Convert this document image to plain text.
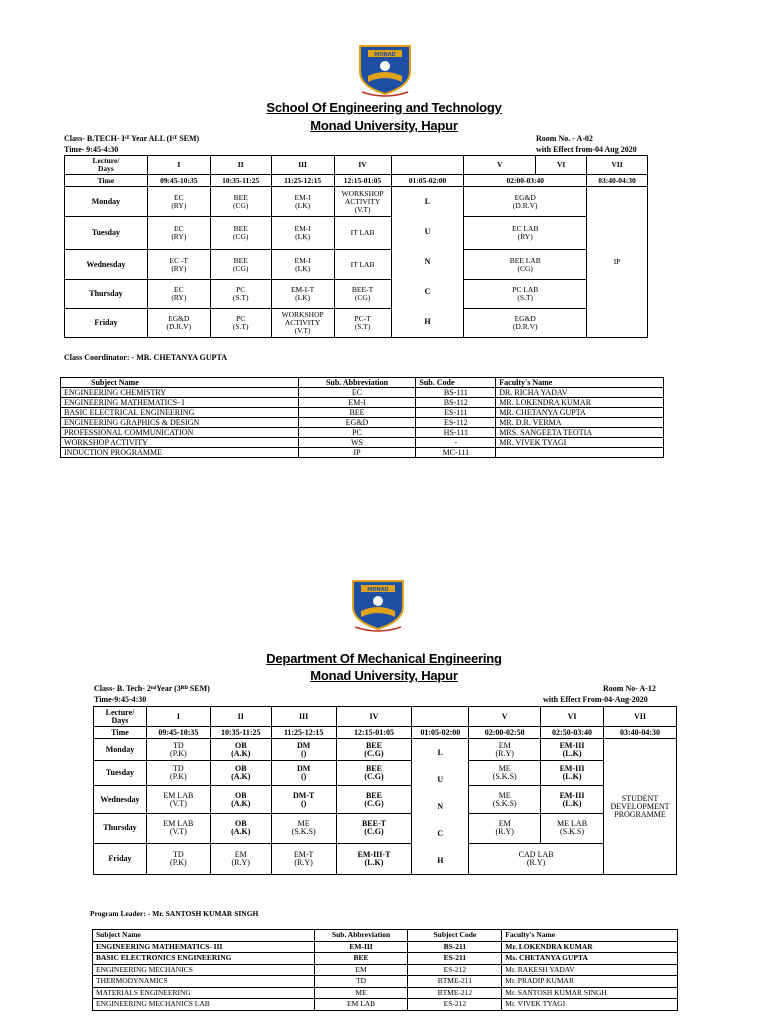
MONAD
School Of Engineering and Technology
Monad University, Hapur
Class- B.TECH- Iˢᵀ Year ALL (Iˢᵀ SEM)
Time- 9:45-4:30
Room No. - A-02
with Effect from-04 Aug 2020
Lecture/
Days	I	II	III	IV		V	VI	VII
Time	09:45-10:35	10:35-11:25	11:25-12:15	12:15-01:05	01:05-02:00	02:00-03:40		03:40-04:30
Monday	EC
(RY)	BEE
(CG)	EM-I
(LK)	WORKSHOP
ACTIVITY
(V.T)	L
U
N
C
H	EG&D
(D.R.V)		IP
Tuesday	EC
(RY)	BEE
(CG)	EM-I
(LK)	IT LAB		EC LAB
(RY)		
Wednesday	EC -T
(RY)	BEE
(CG)	EM-I
(LK)	IT LAB		BEE LAB
(CG)		
Thursday	EC
(RY)	PC
(S.T)	EM-I-T
(LK)	BEE-T
(CG)		PC LAB
(S.T)		
Friday	EG&D
(D.R.V)	PC
(S.T)	WORKSHOP
ACTIVITY
(V.T)	PC-T
(S.T)		EG&D
(D.R.V)		
Class Coordinator: - MR. CHETANYA GUPTA
Subject Name	Sub. Abbreviation	Sub. Code	Faculty's Name
ENGINEERING CHEMISTRY	EC	BS-111	DR. RICHA YADAV
ENGINEERING MATHEMATICS- I	EM-I	BS-112	MR. LOKENDRA KUMAR
BASIC ELECTRICAL ENGINEERING	BEE	ES-111	MR. CHETANYA GUPTA
ENGINEERING GRAPHICS & DESIGN	EG&D	ES-112	MR. D.R. VERMA
PROFESSIONAL COMMUNICATION	PC	HS-111	MRS. SANGEETA TEOTIA
WORKSHOP ACTIVITY	WS	-	MR. VIVEK TYAGI
INDUCTION PROGRAMME	IP	MC-111	
MONAD
Department Of Mechanical Engineering
Monad University, Hapur
Class- B. Tech- 2ⁿᵈYear (3ᴿᴰ SEM)
Time-9:45-4:30
Room No- A-12
with Effect From-04-Aug-2020
Lecture/
Days	I	II	III	IV		V	VI	VII
Time	09:45-10:35	10:35-11:25	11:25-12:15	12:15-01:05	01:05-02:00	02:00-02:50	02:50-03:40	03:40-04:30
Monday	TD
(P.K)	OB
(A.K)	DM
()	BEE
(C.G)	L
U
N
C
H	EM
(R.Y)	EM-III
(L.K)	STUDENT
DEVELOPMENT
PROGRAMME
Tuesday	TD
(P.K)	OB
(A.K)	DM
()	BEE
(C.G)		ME
(S.K.S)	EM-III
(L.K)	
Wednesday	EM LAB
(V.T)	OB
(A.K)	DM-T
()	BEE
(C.G)		ME
(S.K.S)	EM-III
(L.K)	
Thursday	EM LAB
(V.T)	OB
(A.K)	ME
(S.K.S)	BEE-T
(C.G)		EM
(R.Y)	ME LAB
(S.K.S)	
Friday	TD
(P.K)	EM
(R.Y)	EM-T
(R.Y)	EM-III-T
(L.K)		CAD LAB
(R.Y)		
Program Leader: - Mr. SANTOSH KUMAR SINGH
Subject Name	Sub. Abbreviation	Subject Code	Faculty's Name
ENGINEERING MATHEMATICS- III	EM-III	BS-211	Mr. LOKENDRA KUMAR
BASIC ELECTRONICS ENGINEERING	BEE	ES-211	Ms. CHETANYA GUPTA
ENGINEERING MECHANICS	EM	ES-212	Mr. RAKESH YADAV
THERMODYNAMICS	TD	BTME-211	Mr. PRADIP KUMAR
MATERIALS ENGINEERING	ME	BTME-212	Mr. SANTOSH KUMAR SINGH
ENGINEERING MECHANICS LAB	EM LAB	ES-212	Mr. VIVEK TYAGI
